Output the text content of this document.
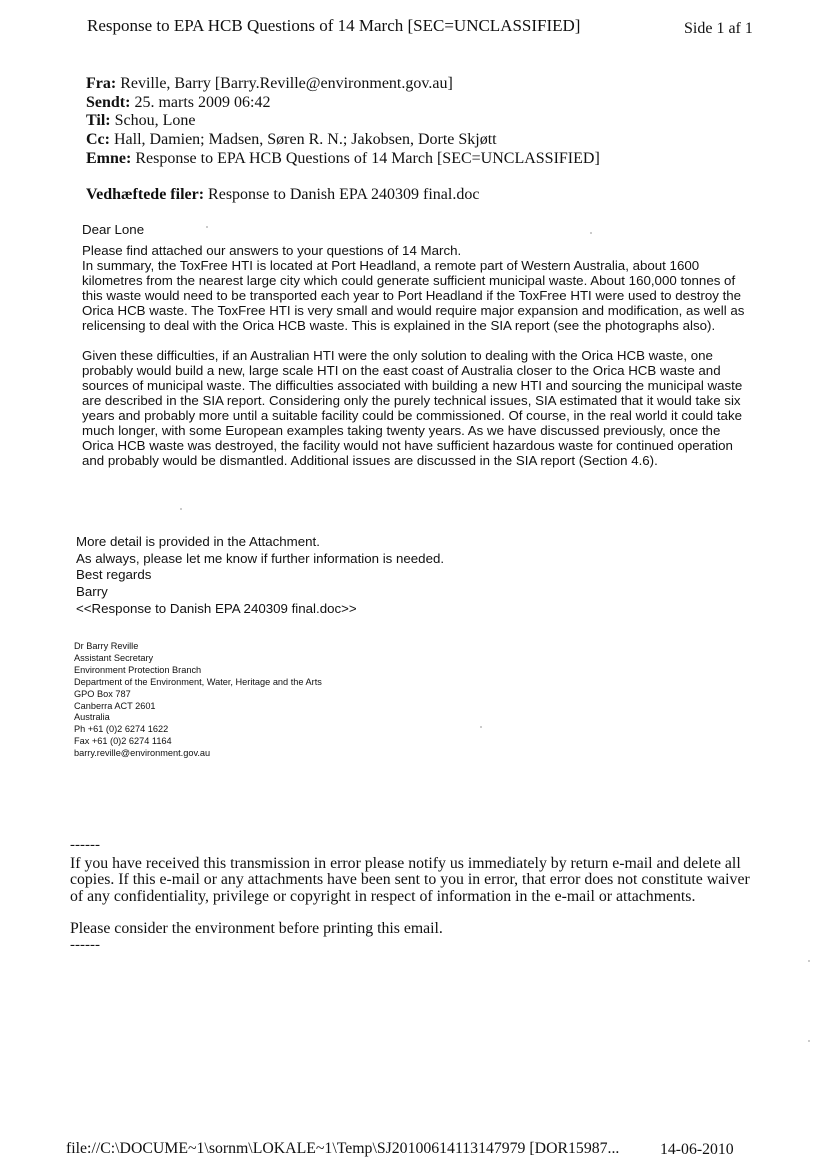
Response to EPA HCB Questions of 14 March [SEC=UNCLASSIFIED]	Side 1 af 1
Fra: Reville, Barry [Barry.Reville@environment.gov.au]
Sendt: 25. marts 2009 06:42
Til: Schou, Lone
Cc: Hall, Damien; Madsen, Søren R. N.; Jakobsen, Dorte Skjøtt
Emne: Response to EPA HCB Questions of 14 March [SEC=UNCLASSIFIED]
Vedhæftede filer: Response to Danish EPA 240309 final.doc

Dear Lone

Please find attached our answers to your questions of 14 March.

In summary, the ToxFree HTI is located at Port Headland, a remote part of Western Australia, about 1600 kilometres from the nearest large city which could generate sufficient municipal waste. About 160,000 tonnes of this waste would need to be transported each year to Port Headland if the ToxFree HTI were used to destroy the Orica HCB waste. The ToxFree HTI is very small and would require major expansion and modification, as well as relicensing to deal with the Orica HCB waste. This is explained in the SIA report (see the photographs also).

Given these difficulties, if an Australian HTI were the only solution to dealing with the Orica HCB waste, one probably would build a new, large scale HTI on the east coast of Australia closer to the Orica HCB waste and sources of municipal waste. The difficulties associated with building a new HTI and sourcing the municipal waste are described in the SIA report. Considering only the purely technical issues, SIA estimated that it would take six years and probably more until a suitable facility could be commissioned. Of course, in the real world it could take much longer, with some European examples taking twenty years. As we have discussed previously, once the Orica HCB waste was destroyed, the facility would not have sufficient hazardous waste for continued operation and probably would be dismantled. Additional issues are discussed in the SIA report (Section 4.6).

More detail is provided in the Attachment.
As always, please let me know if further information is needed.
Best regards
Barry
<<Response to Danish EPA 240309 final.doc>>
Dr Barry Reville
Assistant Secretary
Environment Protection Branch
Department of the Environment, Water, Heritage and the Arts
GPO Box 787
Canberra ACT 2601
Australia
Ph +61 (0)2 6274 1622
Fax +61 (0)2 6274 1164
barry.reville@environment.gov.au
------

If you have received this transmission in error please notify us immediately by return e-mail and delete all copies. If this e-mail or any attachments have been sent to you in error, that error does not constitute waiver of any confidentiality, privilege or copyright in respect of information in the e-mail or attachments.

Please consider the environment before printing this email.

------
file://C:\DOCUME~1\sornm\LOKALE~1\Temp\SJ20100614113147979 [DOR15987...	14-06-2010
